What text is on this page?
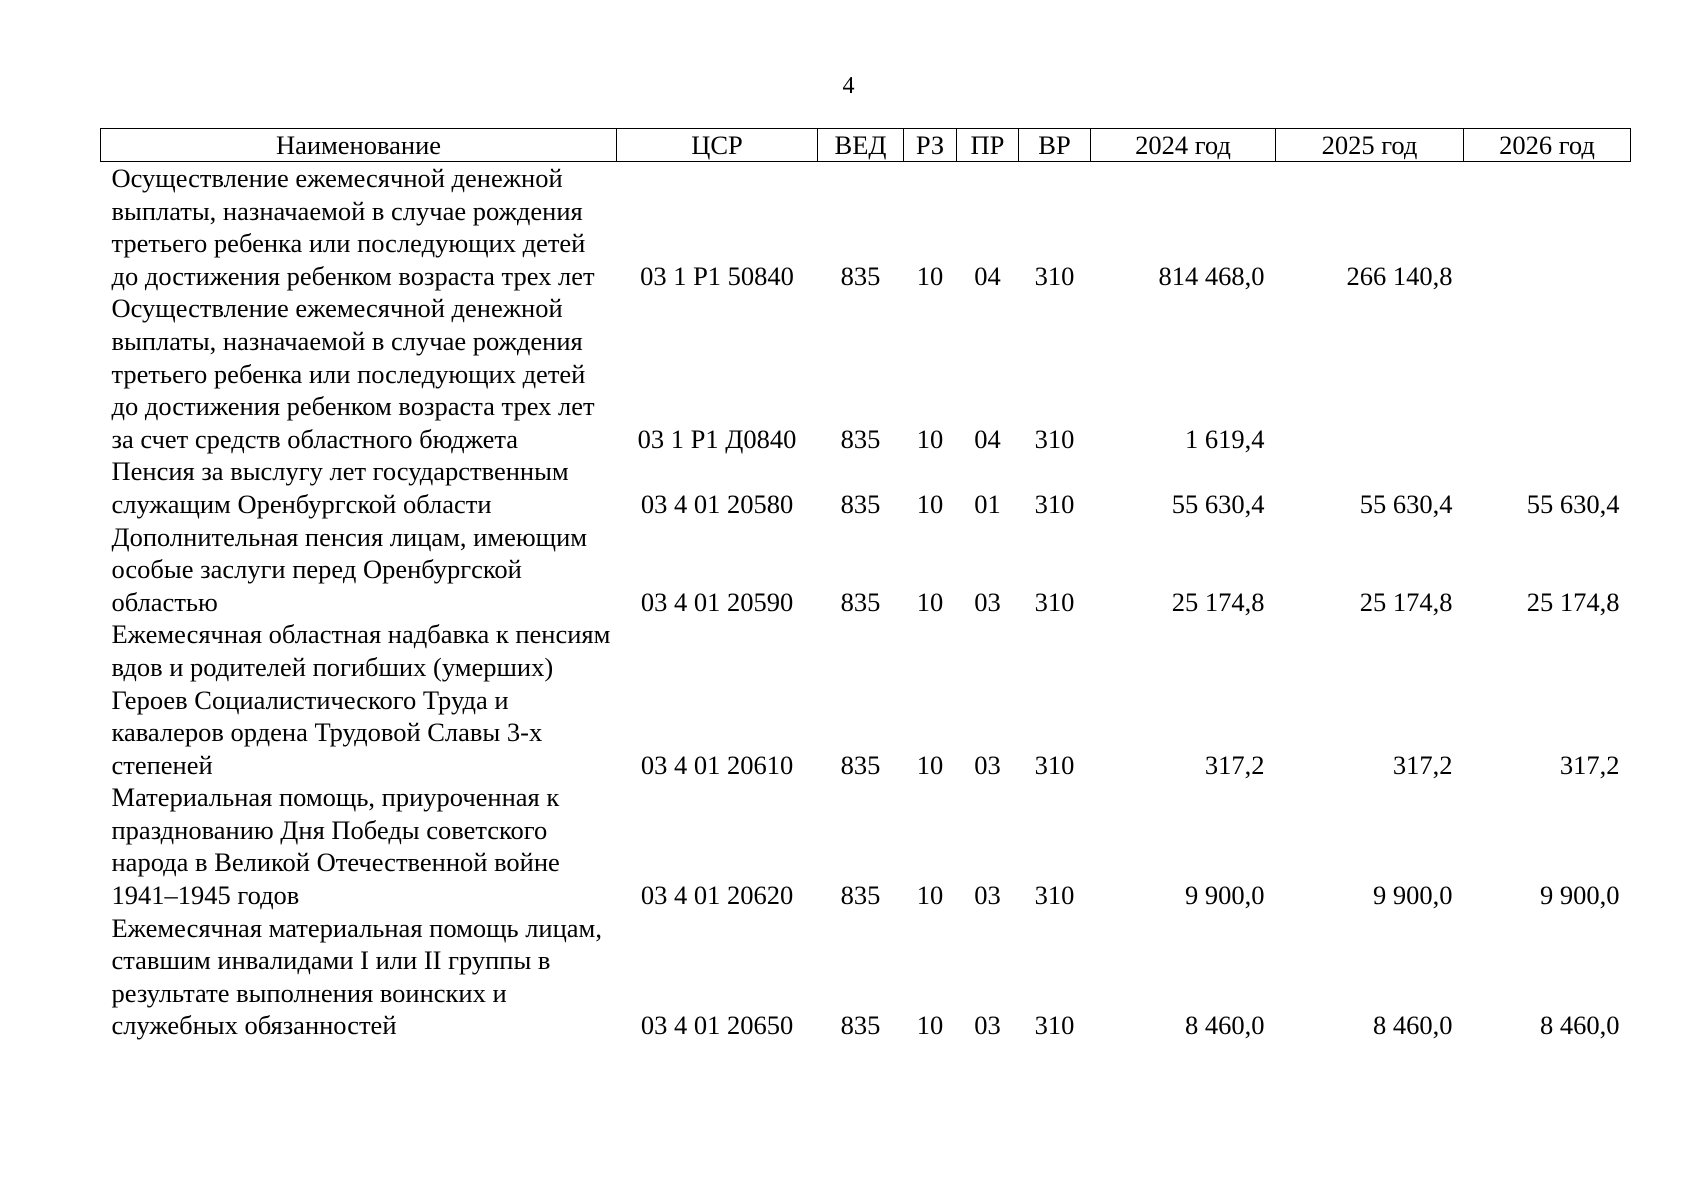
4
Наименование	ЦСР	ВЕД	РЗ	ПР	ВР	2024 год	2025 год	2026 год
Осуществление ежемесячной денежной выплаты, назначаемой в случае рождения третьего ребенка или последующих детей до достижения ребенком возраста трех лет	03 1 P1 50840	835	10	04	310	814 468,0	266 140,8	
Осуществление ежемесячной денежной выплаты, назначаемой в случае рождения третьего ребенка или последующих детей до достижения ребенком возраста трех лет за счет средств областного бюджета	03 1 P1 Д0840	835	10	04	310	1 619,4		
Пенсия за выслугу лет государственным служащим Оренбургской области	03 4 01 20580	835	10	01	310	55 630,4	55 630,4	55 630,4
Дополнительная пенсия лицам, имеющим особые заслуги перед Оренбургской областью	03 4 01 20590	835	10	03	310	25 174,8	25 174,8	25 174,8
Ежемесячная областная надбавка к пенсиям вдов и родителей погибших (умерших) Героев Социалистического Труда и кавалеров ордена Трудовой Славы 3-х степеней	03 4 01 20610	835	10	03	310	317,2	317,2	317,2
Материальная помощь, приуроченная к празднованию Дня Победы советского народа в Великой Отечественной войне 1941–1945 годов	03 4 01 20620	835	10	03	310	9 900,0	9 900,0	9 900,0
Ежемесячная материальная помощь лицам, ставшим инвалидами I или II группы в результате выполнения воинских и служебных обязанностей	03 4 01 20650	835	10	03	310	8 460,0	8 460,0	8 460,0
